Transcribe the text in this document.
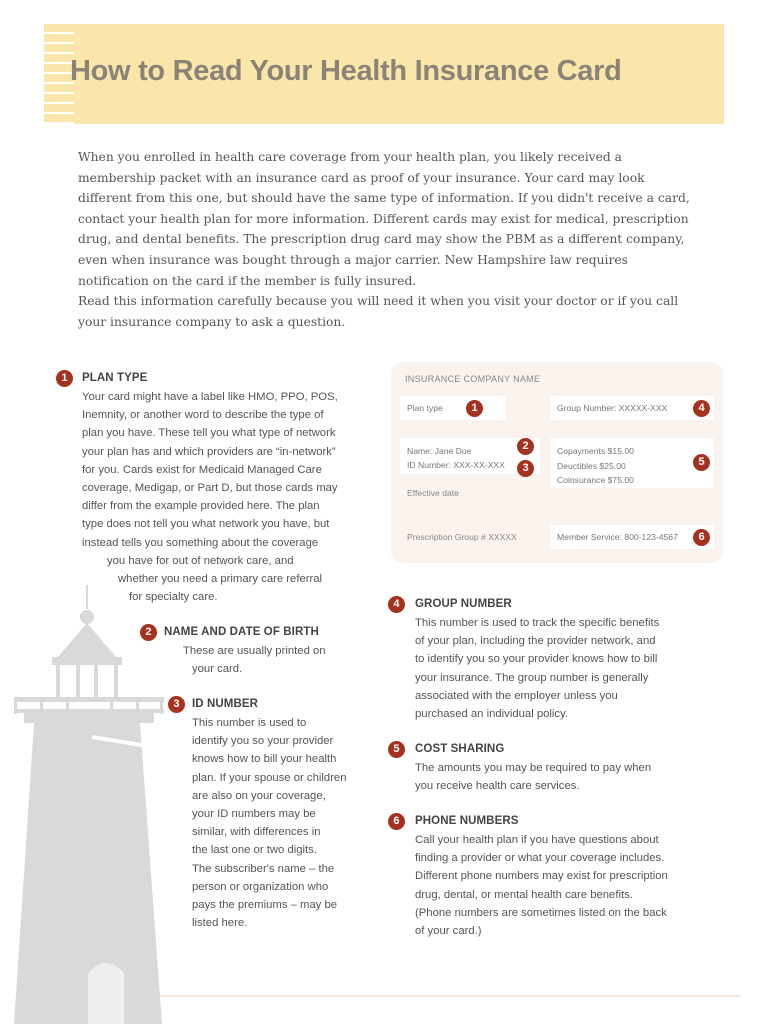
How to Read Your Health Insurance Card

When you enrolled in health care coverage from your health plan, you likely received a membership packet with an insurance card as proof of your insurance. Your card may look different from this one, but should have the same type of information. If you didn't receive a card, contact your health plan for more information. Different cards may exist for medical, prescription drug, and dental benefits. The prescription drug card may show the PBM as a different company, even when insurance was bought through a major carrier. New Hampshire law requires notification on the card if the member is fully insured.

Read this information carefully because you will need it when you visit your doctor or if you call your insurance company to ask a question.

INSURANCE COMPANY NAME
Plan type	1	Group Number: XXXXX-XXX	4
Name: Jane Doe
ID Number: XXX-XX-XXX
2
3
Effective date
Copayments $15.00
Deuctibles $25.00
Coinsurance $75.00
5
Prescription Group # XXXXX	Member Service: 800-123-4567	6
1	PLAN TYPE
Your card might have a label like HMO, PPO, POS,
Inemnity, or another word to describe the type of
plan you have. These tell you what type of network
your plan has and which providers are “in-network”
for you. Cards exist for Medicaid Managed Care
coverage, Medigap, or Part D, but those cards may
differ from the example provided here. The plan
type does not tell you what network you have, but
instead tells you something about the coverage
you have for out of network care, and
whether you need a primary care referral
for specialty care.
2	NAME AND DATE OF BIRTH
These are usually printed on
your card.
3	ID NUMBER
This number is used to
identify you so your provider
knows how to bill your health
plan. If your spouse or children
are also on your coverage,
your ID numbers may be
similar, with differences in
the last one or two digits.
The subscriber's name – the
person or organization who
pays the premiums – may be
listed here.
4	GROUP NUMBER
This number is used to track the specific benefits
of your plan, including the provider network, and
to identify you so your provider knows how to bill
your insurance. The group number is generally
associated with the employer unless you
purchased an individual policy.
5	COST SHARING
The amounts you may be required to pay when
you receive health care services.
6	PHONE NUMBERS
Call your health plan if you have questions about
finding a provider or what your coverage includes.
Different phone numbers may exist for prescription
drug, dental, or mental health care benefits.
(Phone numbers are sometimes listed on the back
of your card.)
